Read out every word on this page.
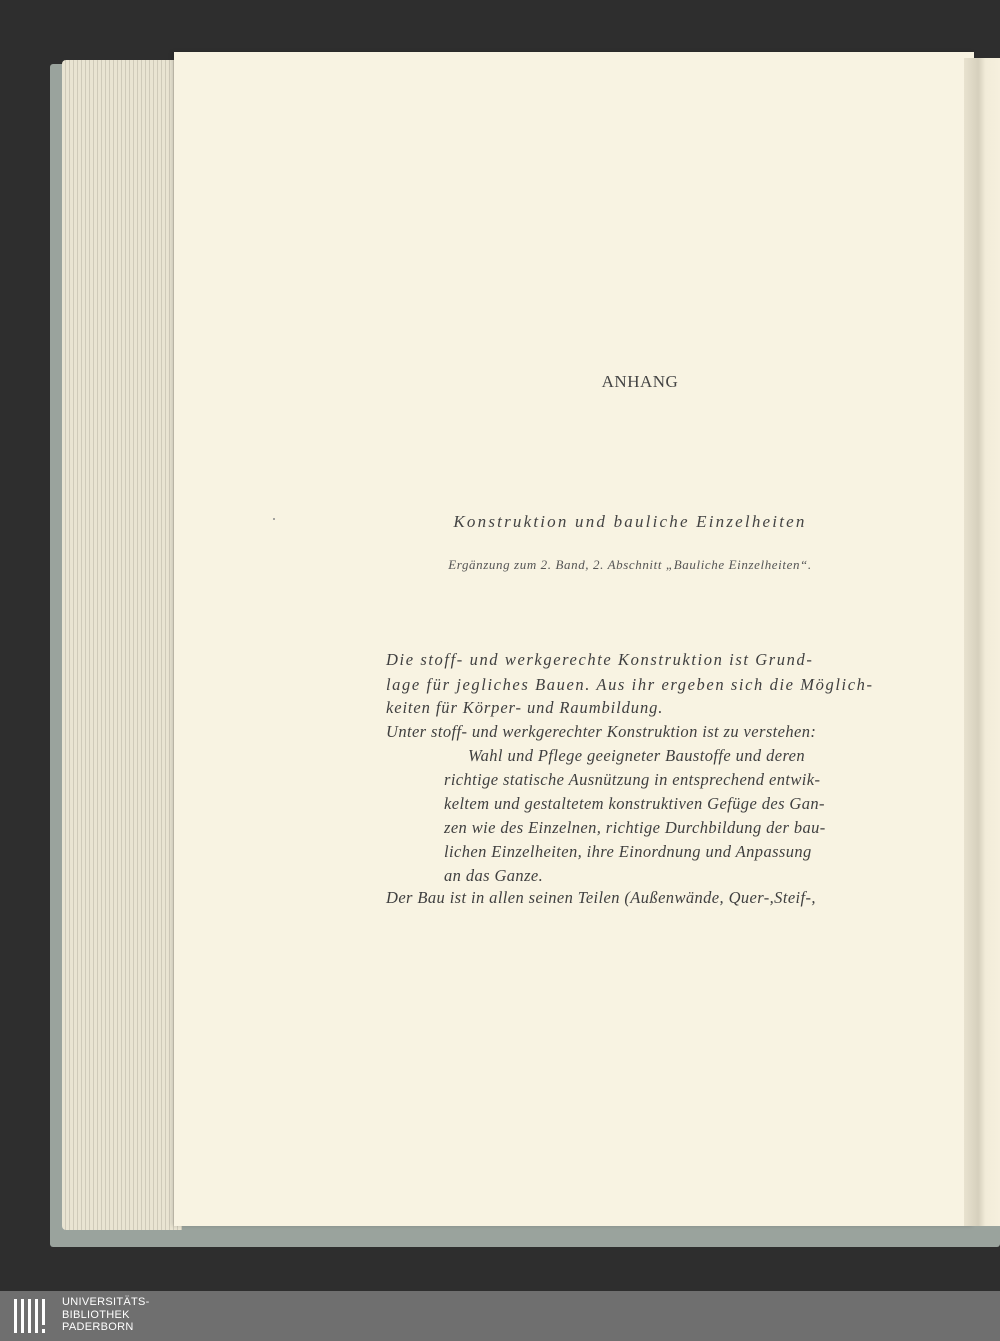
ANHANG
Konstruktion und bauliche Einzelheiten
Ergänzung zum 2. Band, 2. Abschnitt „Bauliche Einzelheiten“.
Die stoff- und werkgerechte Konstruktion ist Grund-
lage für jegliches Bauen. Aus ihr ergeben sich die Möglich-
keiten für Körper- und Raumbildung.
Unter stoff- und werkgerechter Konstruktion ist zu verstehen:
Wahl und Pflege geeigneter Baustoffe und deren
richtige statische Ausnützung in entsprechend entwik-
keltem und gestaltetem konstruktiven Gefüge des Gan-
zen wie des Einzelnen, richtige Durchbildung der bau-
lichen Einzelheiten, ihre Einordnung und Anpassung
an das Ganze.
Der Bau ist in allen seinen Teilen (Außenwände, Quer-,Steif-,
UNIVERSITÄTS-
BIBLIOTHEK
PADERBORN
